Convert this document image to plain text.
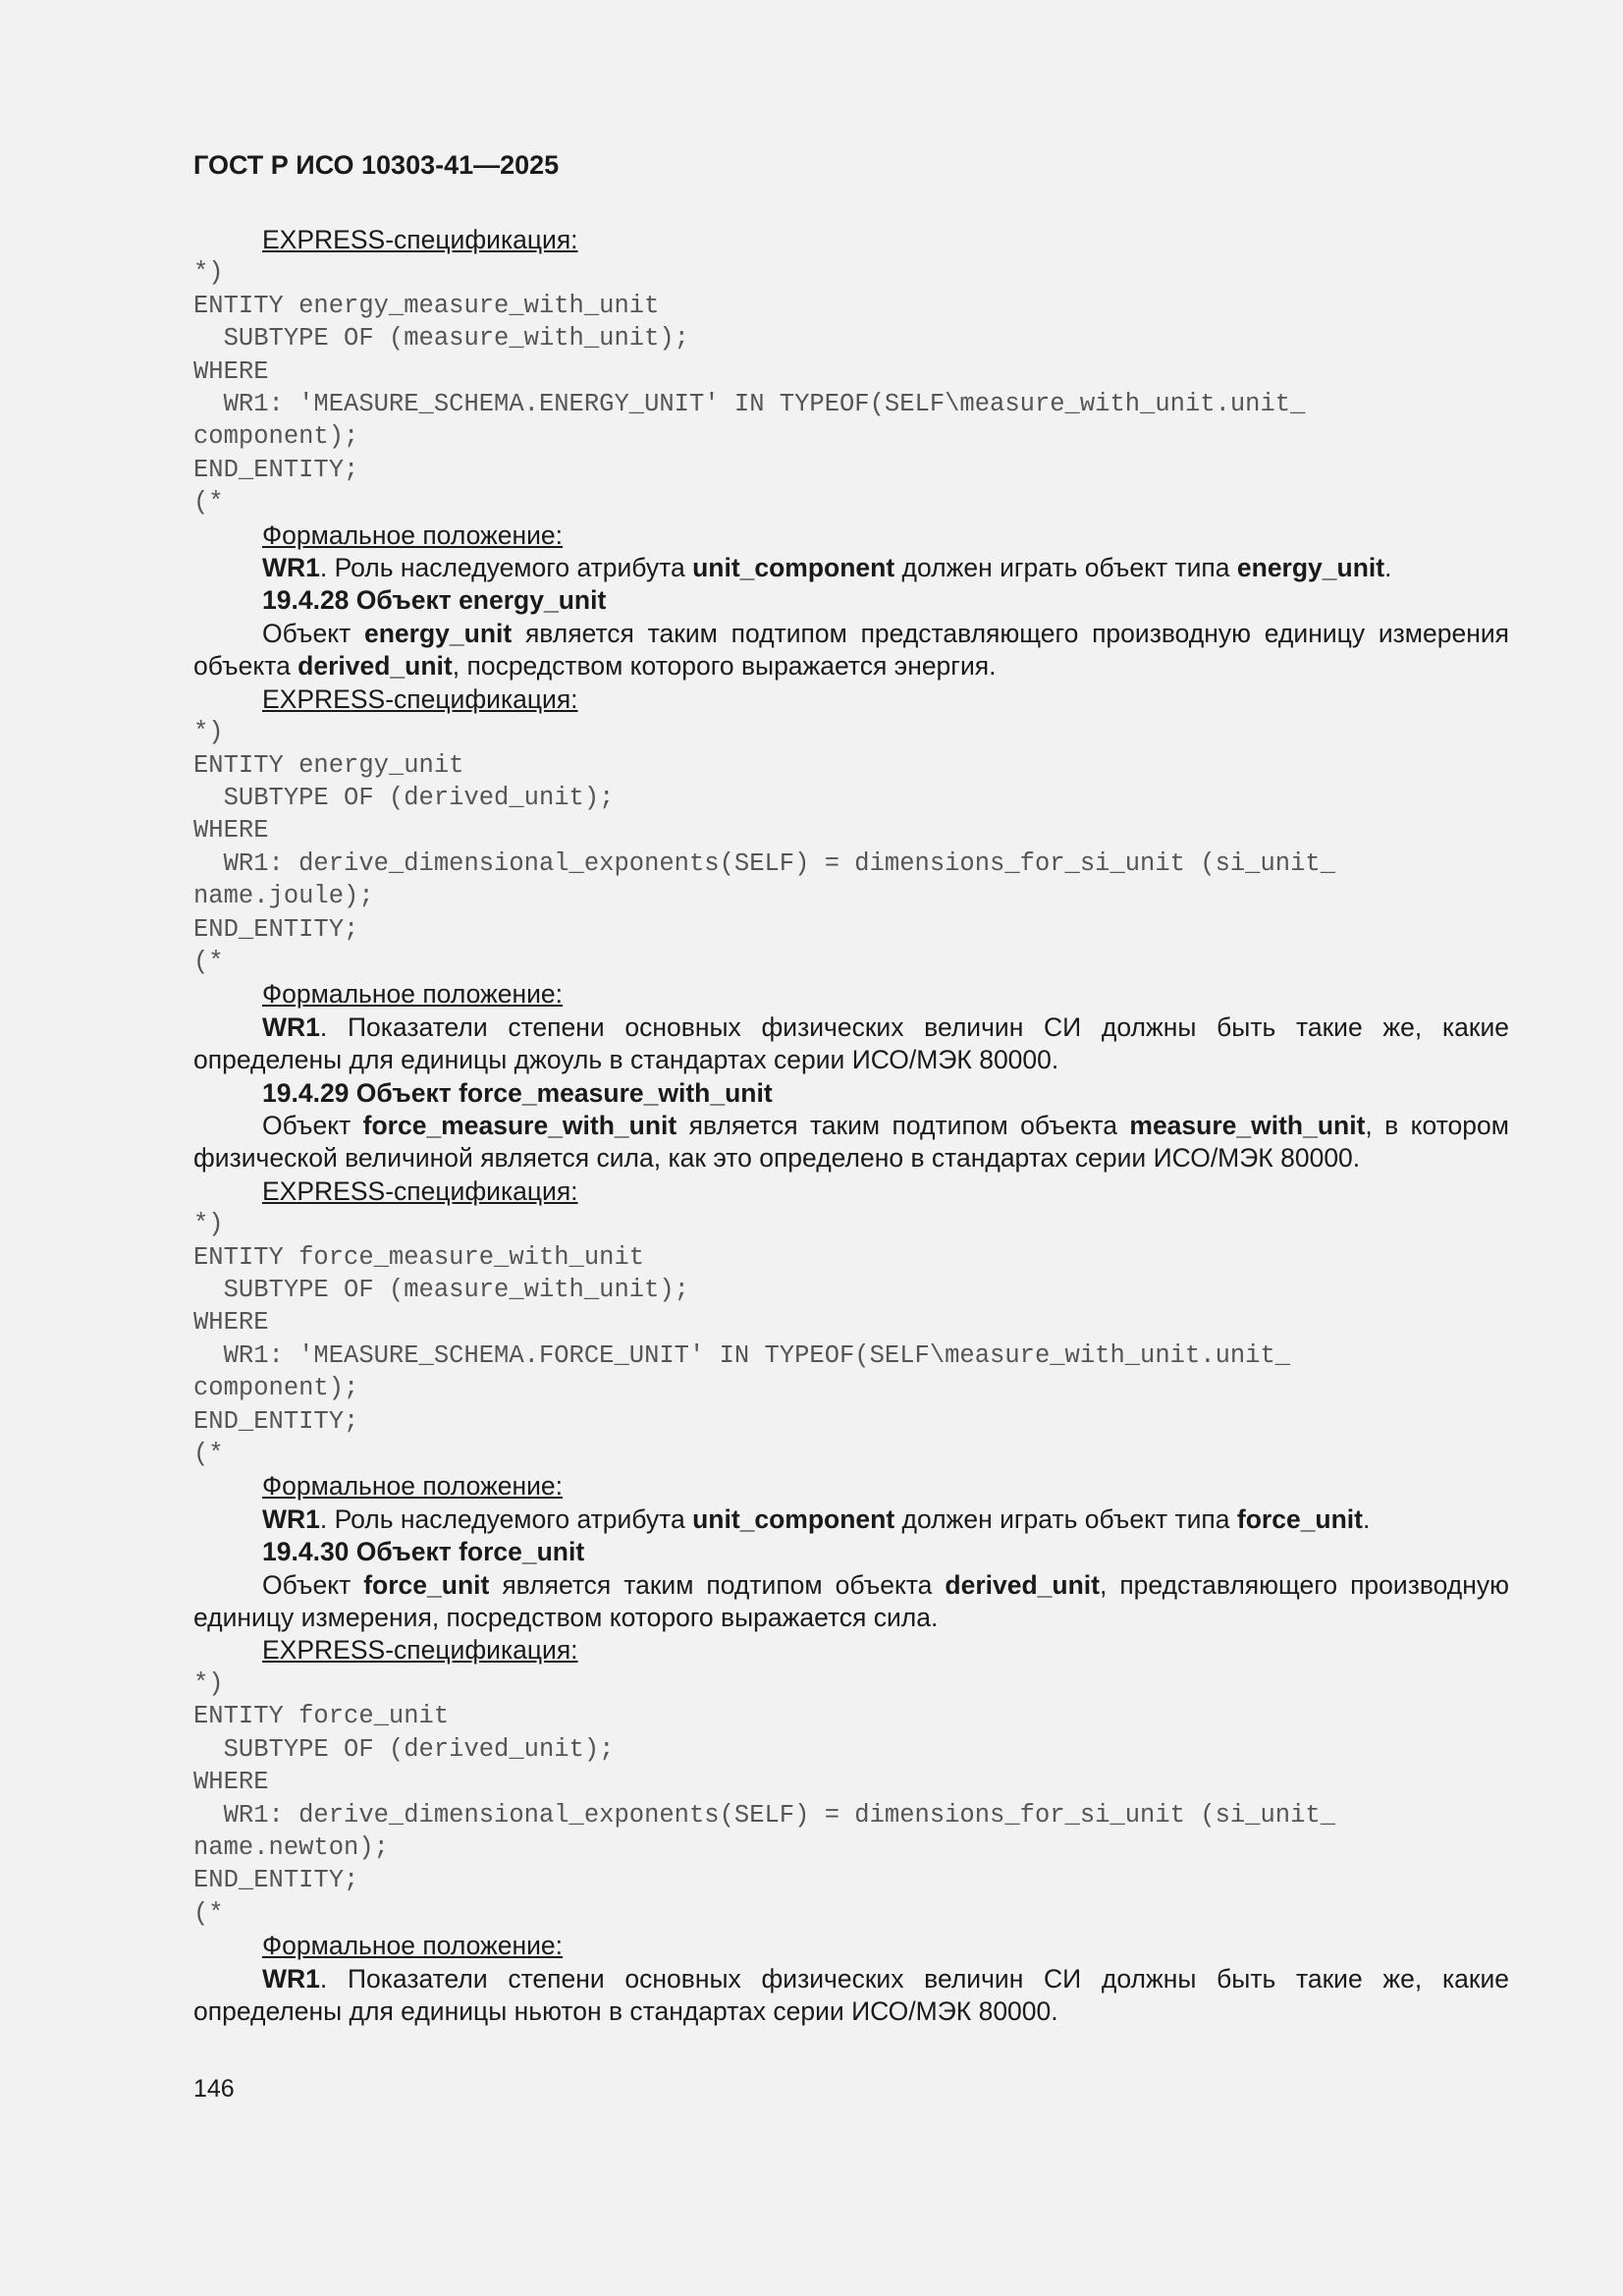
ГОСТ Р ИСО 10303-41—2025

EXPRESS-спецификация:

*)
ENTITY energy_measure_with_unit
SUBTYPE OF (measure_with_unit);
WHERE
WR1: 'MEASURE_SCHEMA.ENERGY_UNIT' IN TYPEOF(SELF\measure_with_unit.unit_
component);
END_ENTITY;
(*

Формальное положение:

WR1. Роль наследуемого атрибута unit_component должен играть объект типа energy_unit.

19.4.28 Объект energy_unit

Объект energy_unit является таким подтипом представляющего производную единицу измерения объекта derived_unit, посредством которого выражается энергия.

EXPRESS-спецификация:

*)
ENTITY energy_unit
SUBTYPE OF (derived_unit);
WHERE
WR1: derive_dimensional_exponents(SELF) = dimensions_for_si_unit (si_unit_
name.joule);
END_ENTITY;
(*

Формальное положение:

WR1. Показатели степени основных физических величин СИ должны быть такие же, какие определены для единицы джоуль в стандартах серии ИСО/МЭК 80000.

19.4.29 Объект force_measure_with_unit

Объект force_measure_with_unit является таким подтипом объекта measure_with_unit, в котором физической величиной является сила, как это определено в стандартах серии ИСО/МЭК 80000.

EXPRESS-спецификация:

*)
ENTITY force_measure_with_unit
SUBTYPE OF (measure_with_unit);
WHERE
WR1: 'MEASURE_SCHEMA.FORCE_UNIT' IN TYPEOF(SELF\measure_with_unit.unit_
component);
END_ENTITY;
(*

Формальное положение:

WR1. Роль наследуемого атрибута unit_component должен играть объект типа force_unit.

19.4.30 Объект force_unit

Объект force_unit является таким подтипом объекта derived_unit, представляющего производную единицу измерения, посредством которого выражается сила.

EXPRESS-спецификация:

*)
ENTITY force_unit
SUBTYPE OF (derived_unit);
WHERE
WR1: derive_dimensional_exponents(SELF) = dimensions_for_si_unit (si_unit_
name.newton);
END_ENTITY;
(*

Формальное положение:

WR1. Показатели степени основных физических величин СИ должны быть такие же, какие определены для единицы ньютон в стандартах серии ИСО/МЭК 80000.

146
